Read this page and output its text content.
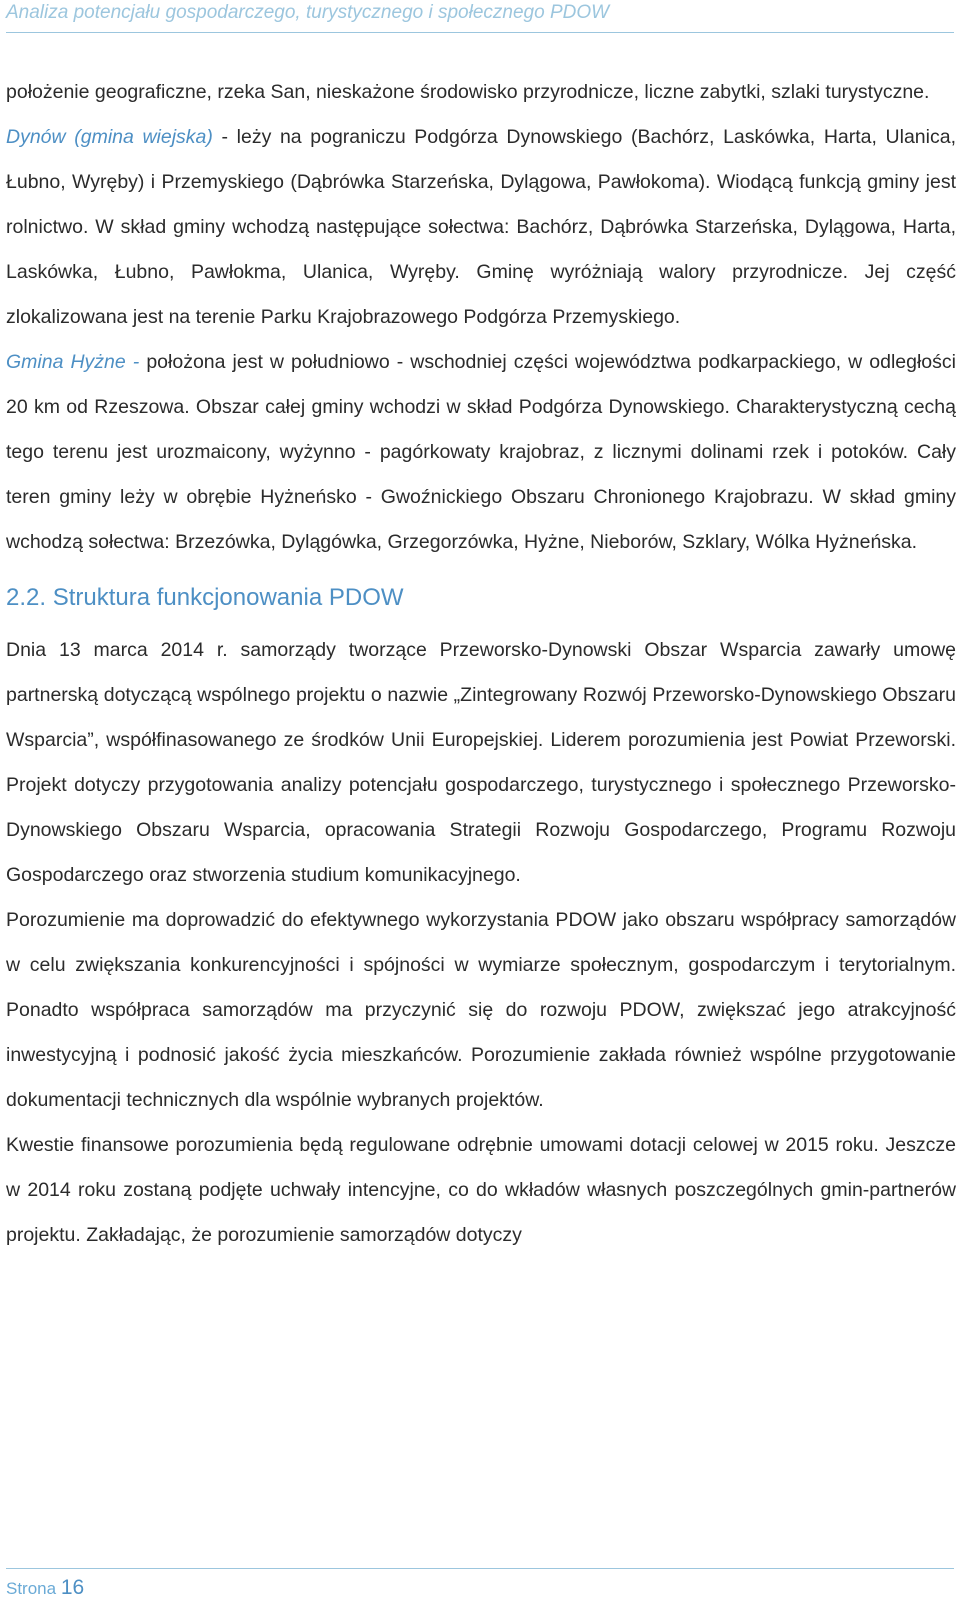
Analiza potencjału gospodarczego, turystycznego i społecznego PDOW

położenie geograficzne, rzeka San, nieskażone środowisko przyrodnicze, liczne zabytki, szlaki turystyczne.

Dynów (gmina wiejska) - leży na pograniczu Podgórza Dynowskiego (Bachórz, Laskówka, Harta, Ulanica, Łubno, Wyręby) i Przemyskiego (Dąbrówka Starzeńska, Dylągowa, Pawłokoma). Wiodącą funkcją gminy jest rolnictwo. W skład gminy wchodzą następujące sołectwa: Bachórz, Dąbrówka Starzeńska, Dylągowa, Harta, Laskówka, Łubno, Pawłokma, Ulanica, Wyręby. Gminę wyróżniają walory przyrodnicze. Jej część zlokalizowana jest na terenie Parku Krajobrazowego Podgórza Przemyskiego.

Gmina Hyżne - położona jest w południowo - wschodniej części województwa podkarpackiego, w odległości 20 km od Rzeszowa. Obszar całej gminy wchodzi w skład Podgórza Dynowskiego. Charakterystyczną cechą tego terenu jest urozmaicony, wyżynno - pagórkowaty krajobraz, z licznymi dolinami rzek i potoków. Cały teren gminy leży w obrębie Hyżneńsko - Gwoźnickiego Obszaru Chronionego Krajobrazu. W skład gminy wchodzą sołectwa: Brzezówka, Dylągówka, Grzegorzówka, Hyżne, Nieborów, Szklary, Wólka Hyżneńska.

2.2. Struktura funkcjonowania PDOW

Dnia 13 marca 2014 r. samorządy tworzące Przeworsko-Dynowski Obszar Wsparcia zawarły umowę partnerską dotyczącą wspólnego projektu o nazwie „Zintegrowany Rozwój Przeworsko-Dynowskiego Obszaru Wsparcia”, współfinasowanego ze środków Unii Europejskiej. Liderem porozumienia jest Powiat Przeworski. Projekt dotyczy przygotowania analizy potencjału gospodarczego, turystycznego i społecznego Przeworsko-Dynowskiego Obszaru Wsparcia, opracowania Strategii Rozwoju Gospodarczego, Programu Rozwoju Gospodarczego oraz stworzenia studium komunikacyjnego.

Porozumienie ma doprowadzić do efektywnego wykorzystania PDOW jako obszaru współpracy samorządów w celu zwiększania konkurencyjności i spójności w wymiarze społecznym, gospodarczym i terytorialnym. Ponadto współpraca samorządów ma przyczynić się do rozwoju PDOW, zwiększać jego atrakcyjność inwestycyjną i podnosić jakość życia mieszkańców. Porozumienie zakłada również wspólne przygotowanie dokumentacji technicznych dla wspólnie wybranych projektów.

Kwestie finansowe porozumienia będą regulowane odrębnie umowami dotacji celowej w 2015 roku. Jeszcze w 2014 roku zostaną podjęte uchwały intencyjne, co do wkładów własnych poszczególnych gmin-partnerów projektu. Zakładając, że porozumienie samorządów dotyczy

Strona 16
